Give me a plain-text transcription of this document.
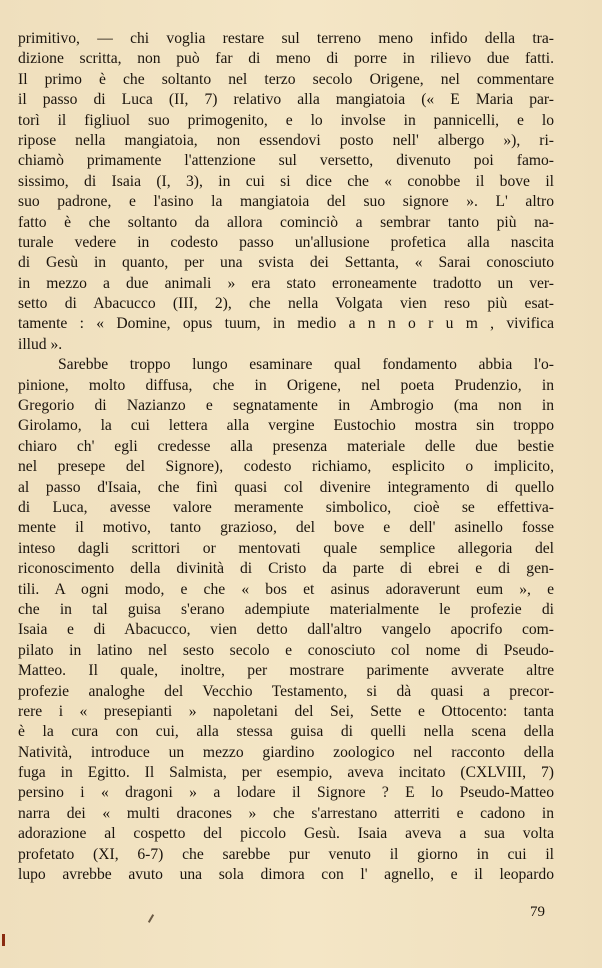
primitivo, — chi voglia restare sul terreno meno infido della tra-
dizione scritta, non può far di meno di porre in rilievo due fatti.
Il primo è che soltanto nel terzo secolo Origene, nel commentare
il passo di Luca (II, 7) relativo alla mangiatoia (« E Maria par-
torì il figliuol suo primogenito, e lo involse in pannicelli, e lo
ripose nella mangiatoia, non essendovi posto nell' albergo »), ri-
chiamò primamente l'attenzione sul versetto, divenuto poi famo-
sissimo, di Isaia (I, 3), in cui si dice che « conobbe il bove il
suo padrone, e l'asino la mangiatoia del suo signore ». L' altro
fatto è che soltanto da allora cominciò a sembrar tanto più na-
turale vedere in codesto passo un'allusione profetica alla nascita
di Gesù in quanto, per una svista dei Settanta, « Sarai conosciuto
in mezzo a due animali » era stato erroneamente tradotto un ver-
setto di Abacucco (III, 2), che nella Volgata vien reso più esat-
tamente : « Domine, opus tuum, in medio a n n o r u m , vivifica
illud ».
Sarebbe troppo lungo esaminare qual fondamento abbia l'o-
pinione, molto diffusa, che in Origene, nel poeta Prudenzio, in
Gregorio di Nazianzo e segnatamente in Ambrogio (ma non in
Girolamo, la cui lettera alla vergine Eustochio mostra sin troppo
chiaro ch' egli credesse alla presenza materiale delle due bestie
nel presepe del Signore), codesto richiamo, esplicito o implicito,
al passo d'Isaia, che finì quasi col divenire integramento di quello
di Luca, avesse valore meramente simbolico, cioè se effettiva-
mente il motivo, tanto grazioso, del bove e dell' asinello fosse
inteso dagli scrittori or mentovati quale semplice allegoria del
riconoscimento della divinità di Cristo da parte di ebrei e di gen-
tili. A ogni modo, e che « bos et asinus adoraverunt eum », e
che in tal guisa s'erano adempiute materialmente le profezie di
Isaia e di Abacucco, vien detto dall'altro vangelo apocrifo com-
pilato in latino nel sesto secolo e conosciuto col nome di Pseudo-
Matteo. Il quale, inoltre, per mostrare parimente avverate altre
profezie analoghe del Vecchio Testamento, si dà quasi a precor-
rere i « presepianti » napoletani del Sei, Sette e Ottocento: tanta
è la cura con cui, alla stessa guisa di quelli nella scena della
Natività, introduce un mezzo giardino zoologico nel racconto della
fuga in Egitto. Il Salmista, per esempio, aveva incitato (CXLVIII, 7)
persino i « dragoni » a lodare il Signore ? E lo Pseudo-Matteo
narra dei « multi dracones » che s'arrestano atterriti e cadono in
adorazione al cospetto del piccolo Gesù. Isaia aveva a sua volta
profetato (XI, 6-7) che sarebbe pur venuto il giorno in cui il
lupo avrebbe avuto una sola dimora con l' agnello, e il leopardo
79
